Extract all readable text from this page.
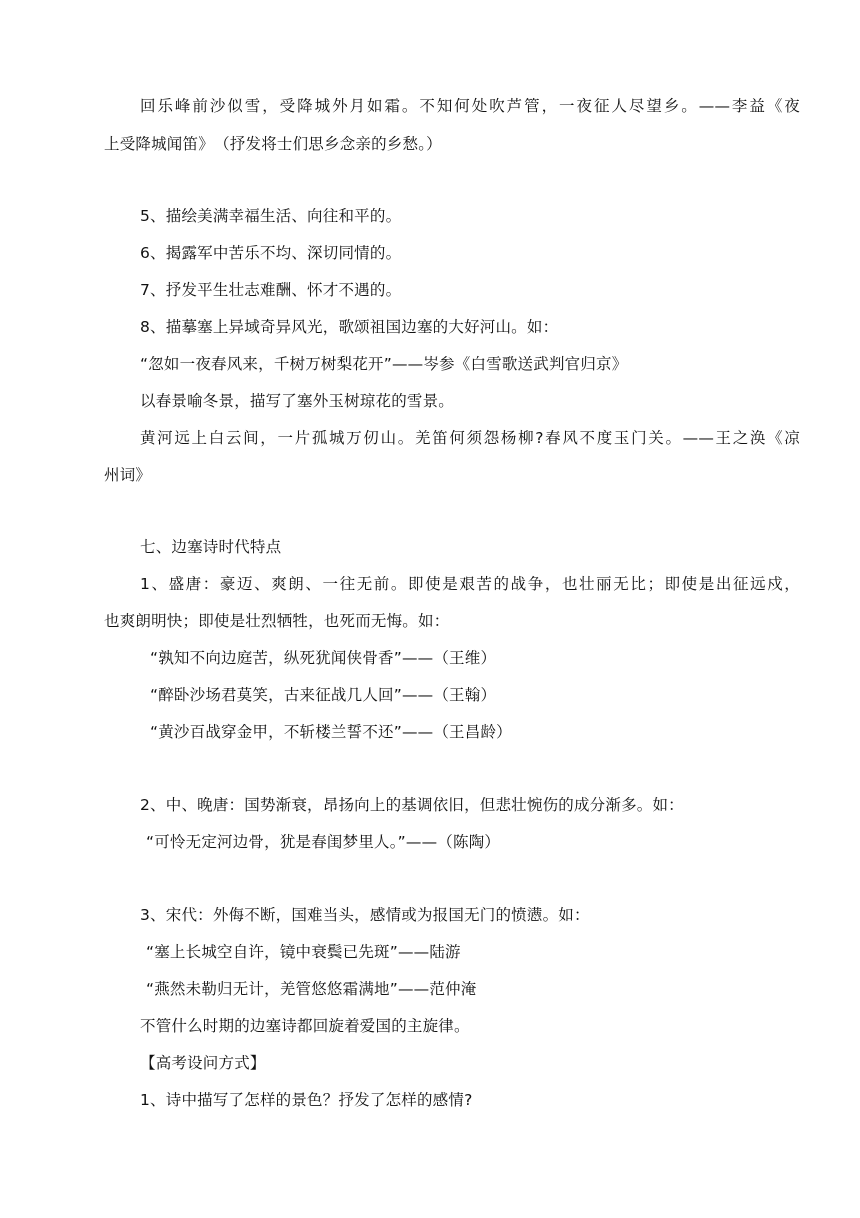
回乐峰前沙似雪，受降城外月如霜。不知何处吹芦管，一夜征人尽望乡。——李益《夜
上受降城闻笛》　（抒发将士们思乡念亲的乡愁。）
5、描绘美满幸福生活、向往和平的。
6、揭露军中苦乐不均、深切同情的。
7、抒发平生壮志难酬、怀才不遇的。
8、描摹塞上异域奇异风光，歌颂祖国边塞的大好河山。如：
“忽如一夜春风来，千树万树梨花开”——岑参《白雪歌送武判官归京》
以春景喻冬景，描写了塞外玉树琼花的雪景。
黄河远上白云间，一片孤城万仞山。羌笛何须怨杨柳?春风不度玉门关。——王之涣《凉
州词》
七、边塞诗时代特点
1、盛唐：豪迈、爽朗、一往无前。即使是艰苦的战争，也壮丽无比；即使是出征远戍，
也爽朗明快；即使是壮烈牺牲，也死而无悔。如：
“孰知不向边庭苦，纵死犹闻侠骨香”——（王维）
“醉卧沙场君莫笑，古来征战几人回”——（王翰）
“黄沙百战穿金甲，不斩楼兰誓不还”——（王昌龄）
2、中、晚唐：国势渐衰，昂扬向上的基调依旧，但悲壮惋伤的成分渐多。如：
“可怜无定河边骨，犹是春闺梦里人。”——（陈陶）
3、宋代：外侮不断，国难当头，感情或为报国无门的愤懑。如：
“塞上长城空自许，镜中衰鬓已先斑”——陆游
“燕然未勒归无计，羌管悠悠霜满地”——范仲淹
不管什么时期的边塞诗都回旋着爱国的主旋律。
【高考设问方式】
1、诗中描写了怎样的景色？抒发了怎样的感情?
